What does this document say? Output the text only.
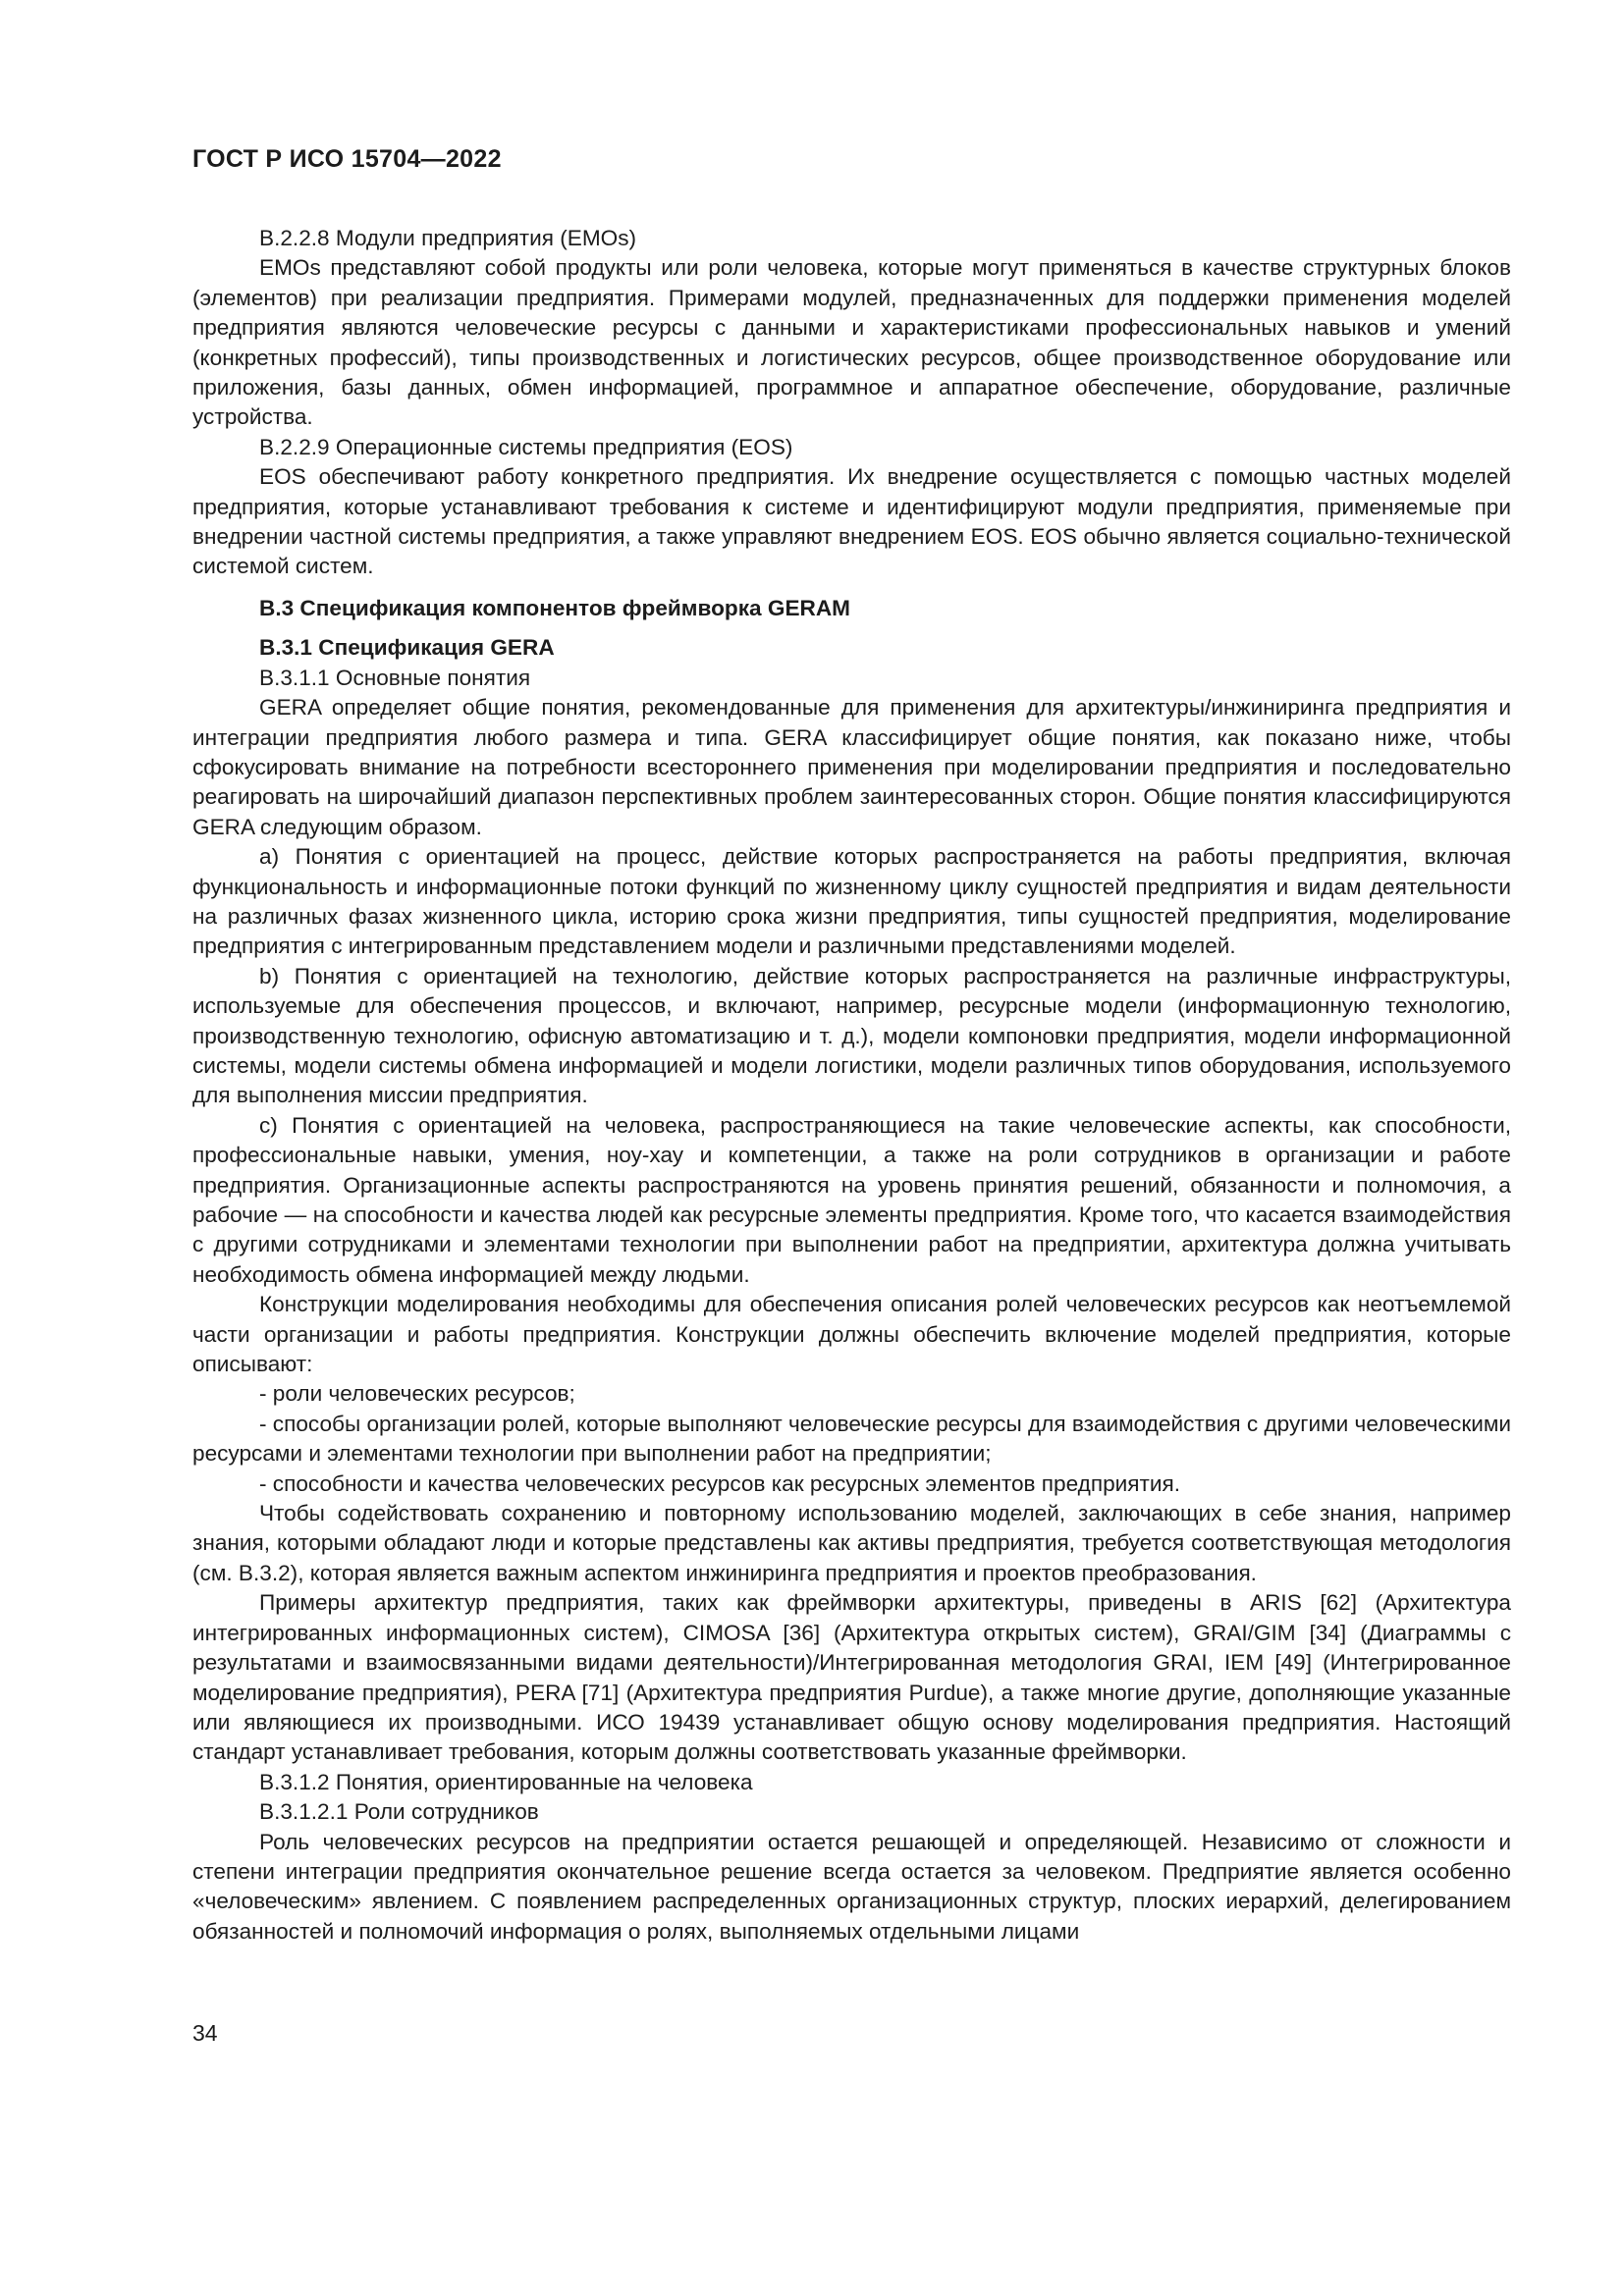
ГОСТ Р ИСО 15704—2022

B.2.2.8 Модули предприятия (EMOs)

EMOs представляют собой продукты или роли человека, которые могут применяться в качестве структурных блоков (элементов) при реализации предприятия. Примерами модулей, предназначенных для поддержки применения моделей предприятия являются человеческие ресурсы с данными и характеристиками профессиональных навыков и умений (конкретных профессий), типы производственных и логистических ресурсов, общее производственное оборудование или приложения, базы данных, обмен информацией, программное и аппаратное обеспечение, оборудование, различные устройства.

B.2.2.9 Операционные системы предприятия (EOS)

EOS обеспечивают работу конкретного предприятия. Их внедрение осуществляется с помощью частных моделей предприятия, которые устанавливают требования к системе и идентифицируют модули предприятия, применяемые при внедрении частной системы предприятия, а также управляют внедрением EOS. EOS обычно является социально-технической системой систем.

B.3 Спецификация компонентов фреймворка GERAM

B.3.1 Спецификация GERA

B.3.1.1 Основные понятия

GERA определяет общие понятия, рекомендованные для применения для архитектуры/инжиниринга предприятия и интеграции предприятия любого размера и типа. GERA классифицирует общие понятия, как показано ниже, чтобы сфокусировать внимание на потребности всестороннего применения при моделировании предприятия и последовательно реагировать на широчайший диапазон перспективных проблем заинтересованных сторон. Общие понятия классифицируются GERA следующим образом.

a) Понятия с ориентацией на процесс, действие которых распространяется на работы предприятия, включая функциональность и информационные потоки функций по жизненному циклу сущностей предприятия и видам деятельности на различных фазах жизненного цикла, историю срока жизни предприятия, типы сущностей предприятия, моделирование предприятия с интегрированным представлением модели и различными представлениями моделей.

b) Понятия с ориентацией на технологию, действие которых распространяется на различные инфраструктуры, используемые для обеспечения процессов, и включают, например, ресурсные модели (информационную технологию, производственную технологию, офисную автоматизацию и т. д.), модели компоновки предприятия, модели информационной системы, модели системы обмена информацией и модели логистики, модели различных типов оборудования, используемого для выполнения миссии предприятия.

c) Понятия с ориентацией на человека, распространяющиеся на такие человеческие аспекты, как способности, профессиональные навыки, умения, ноу-хау и компетенции, а также на роли сотрудников в организации и работе предприятия. Организационные аспекты распространяются на уровень принятия решений, обязанности и полномочия, а рабочие — на способности и качества людей как ресурсные элементы предприятия. Кроме того, что касается взаимодействия с другими сотрудниками и элементами технологии при выполнении работ на предприятии, архитектура должна учитывать необходимость обмена информацией между людьми.

Конструкции моделирования необходимы для обеспечения описания ролей человеческих ресурсов как неотъемлемой части организации и работы предприятия. Конструкции должны обеспечить включение моделей предприятия, которые описывают:

- роли человеческих ресурсов;

- способы организации ролей, которые выполняют человеческие ресурсы для взаимодействия с другими человеческими ресурсами и элементами технологии при выполнении работ на предприятии;

- способности и качества человеческих ресурсов как ресурсных элементов предприятия.

Чтобы содействовать сохранению и повторному использованию моделей, заключающих в себе знания, например знания, которыми обладают люди и которые представлены как активы предприятия, требуется соответствующая методология (см. B.3.2), которая является важным аспектом инжиниринга предприятия и проектов преобразования.

Примеры архитектур предприятия, таких как фреймворки архитектуры, приведены в ARIS [62] (Архитектура интегрированных информационных систем), CIMOSA [36] (Архитектура открытых систем), GRAI/GIM [34] (Диаграммы с результатами и взаимосвязанными видами деятельности)/Интегрированная методология GRAI, IEM [49] (Интегрированное моделирование предприятия), PERA [71] (Архитектура предприятия Purdue), а также многие другие, дополняющие указанные или являющиеся их производными. ИСО 19439 устанавливает общую основу моделирования предприятия. Настоящий стандарт устанавливает требования, которым должны соответствовать указанные фреймворки.

B.3.1.2 Понятия, ориентированные на человека

B.3.1.2.1 Роли сотрудников

Роль человеческих ресурсов на предприятии остается решающей и определяющей. Независимо от сложности и степени интеграции предприятия окончательное решение всегда остается за человеком. Предприятие является особенно «человеческим» явлением. С появлением распределенных организационных структур, плоских иерархий, делегированием обязанностей и полномочий информация о ролях, выполняемых отдельными лицами

34
